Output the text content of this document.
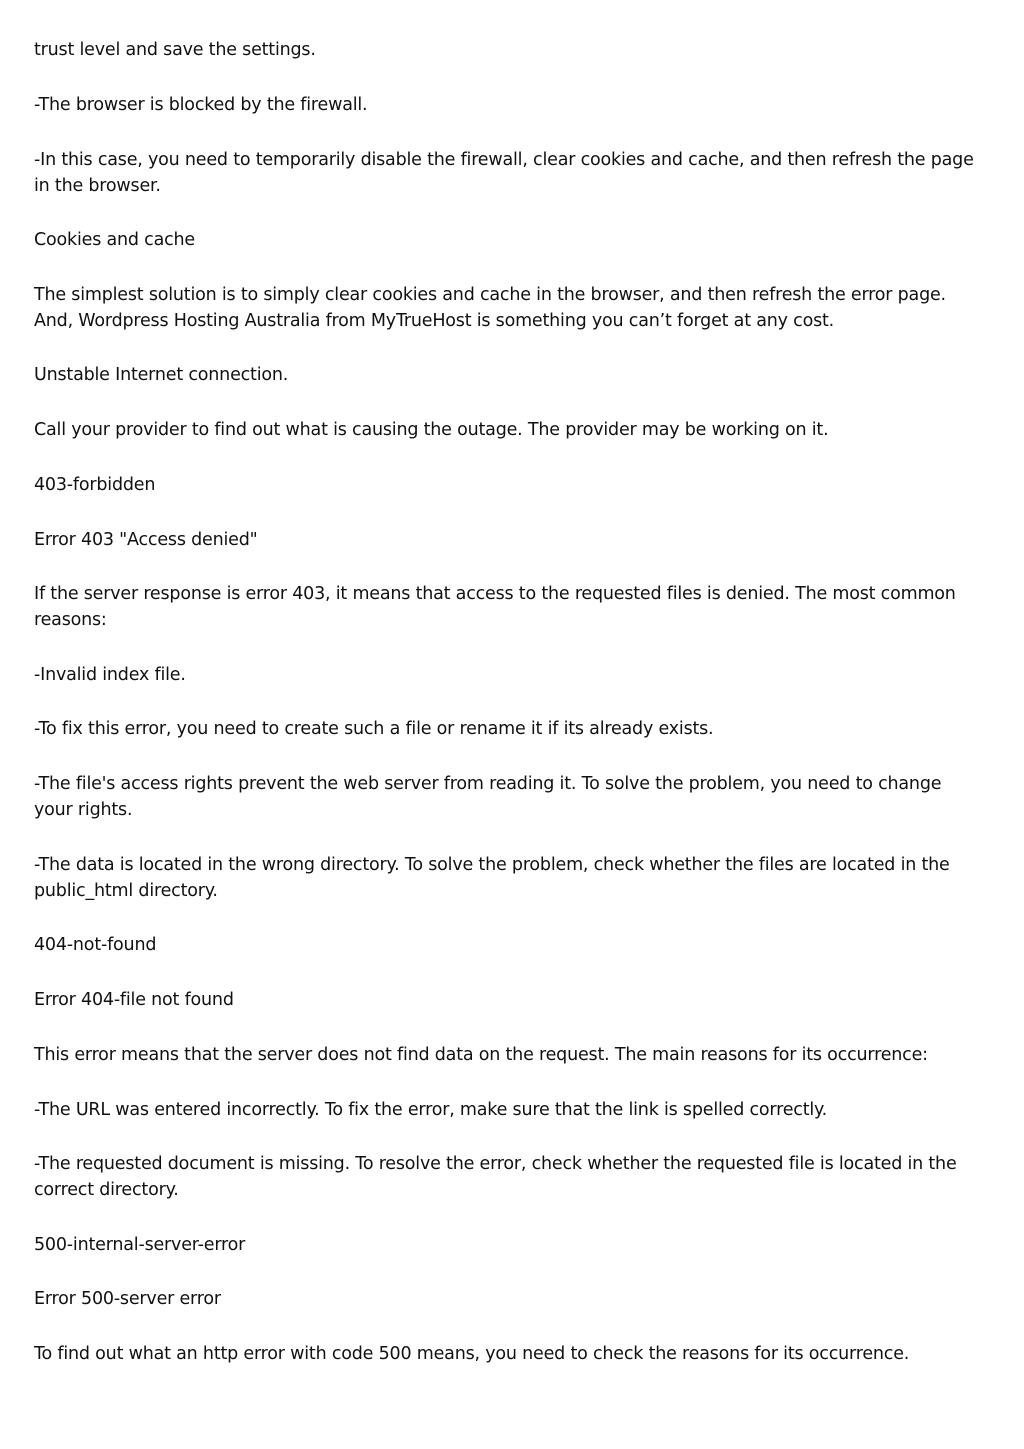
trust level and save the settings.

-The browser is blocked by the firewall.

-In this case, you need to temporarily disable the firewall, clear cookies and cache, and then refresh the page in the browser.

Cookies and cache

The simplest solution is to simply clear cookies and cache in the browser, and then refresh the error page. And, Wordpress Hosting Australia from MyTrueHost is something you can’t forget at any cost.

Unstable Internet connection.

Call your provider to find out what is causing the outage. The provider may be working on it.

403-forbidden

Error 403 "Access denied"

If the server response is error 403, it means that access to the requested files is denied. The most common reasons:

-Invalid index file.

-To fix this error, you need to create such a file or rename it if its already exists.

-The file's access rights prevent the web server from reading it. To solve the problem, you need to change your rights.

-The data is located in the wrong directory. To solve the problem, check whether the files are located in the public_html directory.

404-not-found

Error 404-file not found

This error means that the server does not find data on the request. The main reasons for its occurrence:

-The URL was entered incorrectly. To fix the error, make sure that the link is spelled correctly.

-The requested document is missing. To resolve the error, check whether the requested file is located in the correct directory.

500-internal-server-error

Error 500-server error

To find out what an http error with code 500 means, you need to check the reasons for its occurrence.
